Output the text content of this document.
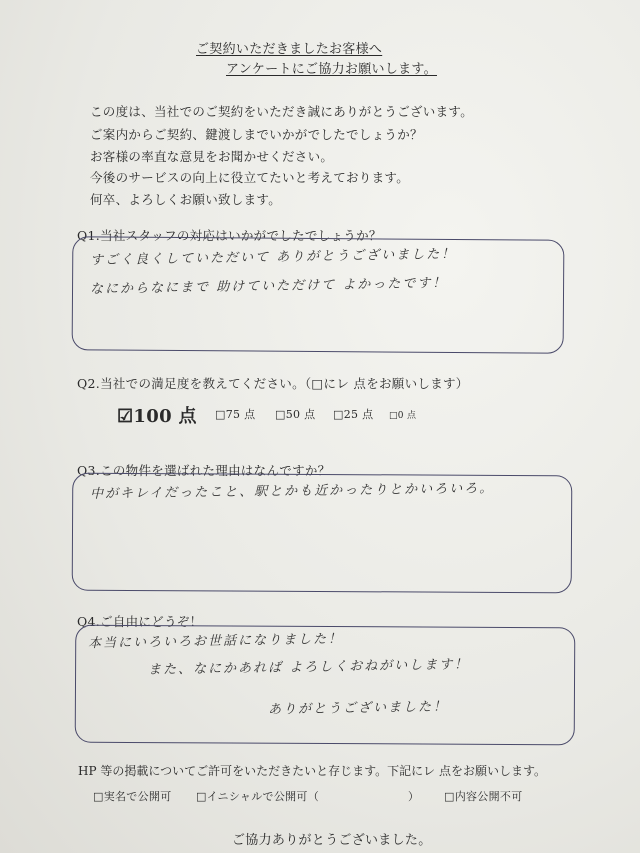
ご契約いただきましたお客様へ
アンケートにご協力お願いします。
この度は、当社でのご契約をいただき誠にありがとうございます。
ご案内からご契約、鍵渡しまでいかがでしたでしょうか？
お客様の率直な意見をお聞かせください。
今後のサービスの向上に役立てたいと考えております。
何卒、よろしくお願い致します。
Q1.当社スタッフの対応はいかがでしたでしょうか？
すごく良くしていただいて ありがとうございました！
なにからなにまで 助けていただけて よかったです！
Q2.当社での満足度を教えてください。（□にレ 点をお願いします）
☑100 点 □75 点 □50 点 □25 点 □0 点
Q3.この物件を選ばれた理由はなんですか？
中がキレイだったこと、駅とかも近かったりとかいろいろ。
Q4.ご自由にどうぞ！
本当にいろいろお世話になりました！
また、なにかあれば よろしくおねがいします！
ありがとうございました！
HP 等の掲載についてご許可をいただきたいと存じます。下記にレ 点をお願いします。
□実名で公開可 □イニシャルで公開可（	） □内容公開不可
ご協力ありがとうございました。
